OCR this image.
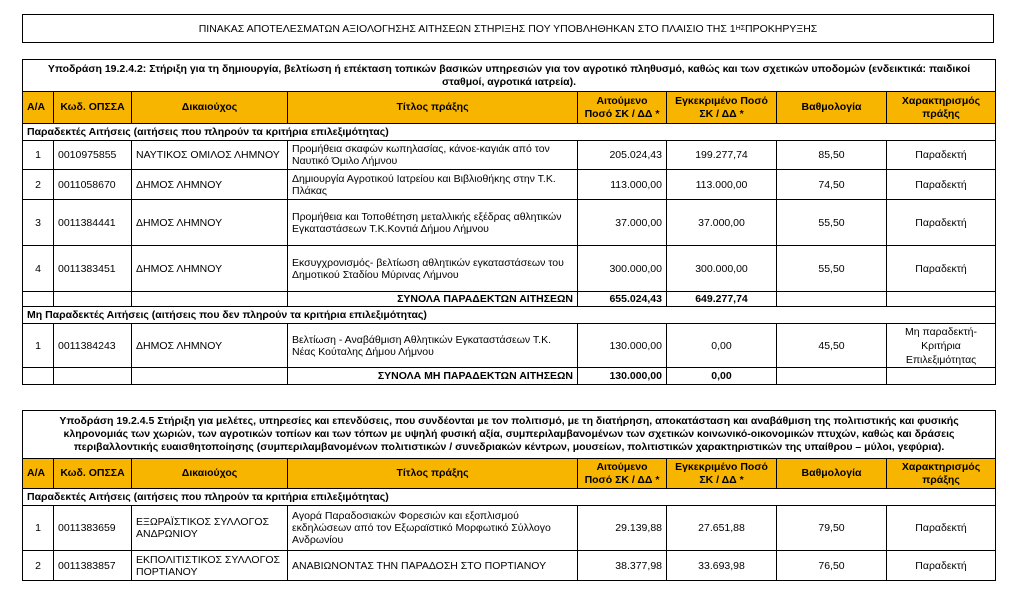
ΠΙΝΑΚΑΣ ΑΠΟΤΕΛΕΣΜΑΤΩΝ ΑΞΙΟΛΟΓΗΣΗΣ ΑΙΤΗΣΕΩΝ ΣΤΗΡΙΞΗΣ ΠΟΥ ΥΠΟΒΛΗΘΗΚΑΝ ΣΤΟ ΠΛΑΙΣΙΟ ΤΗΣ 1 ΗΣ ΠΡΟΚΗΡΥΞΗΣ
Υποδράση 19.2.4.2: Στήριξη για τη δημιουργία, βελτίωση ή επέκταση τοπικών βασικών υπηρεσιών για τον αγροτικό πληθυσμό, καθώς και των σχετικών υποδομών (ενδεικτικά: παιδικοί σταθμοί, αγροτικά ιατρεία).							
Α/Α	Κωδ. ΟΠΣΣΑ	Δικαιούχος	Τίτλος πράξης	Αιτούμενο Ποσό ΣΚ / ΔΔ *	Εγκεκριμένο Ποσό ΣΚ / ΔΔ *	Βαθμολογία	Χαρακτηρισμός πράξης
Παραδεκτές Αιτήσεις (αιτήσεις που πληρούν τα κριτήρια επιλεξιμότητας)							
1	0010975855	ΝΑΥΤΙΚΟΣ ΟΜΙΛΟΣ ΛΗΜΝΟΥ	Προμήθεια σκαφών κωπηλασίας, κάνοε-καγιάκ από τον Ναυτικό Όμιλο Λήμνου	205.024,43	199.277,74	85,50	Παραδεκτή
2	0011058670	ΔΗΜΟΣ ΛΗΜΝΟΥ	Δημιουργία Αγροτικού Ιατρείου και Βιβλιοθήκης στην Τ.Κ. Πλάκας	113.000,00	113.000,00	74,50	Παραδεκτή
3	0011384441	ΔΗΜΟΣ ΛΗΜΝΟΥ	Προμήθεια και Τοποθέτηση μεταλλικής εξέδρας αθλητικών Εγκαταστάσεων Τ.Κ.Κοντιά Δήμου Λήμνου	37.000,00	37.000,00	55,50	Παραδεκτή
4	0011383451	ΔΗΜΟΣ ΛΗΜΝΟΥ	Εκσυγχρονισμός- βελτίωση αθλητικών εγκαταστάσεων του Δημοτικού Σταδίου Μύρινας Λήμνου	300.000,00	300.000,00	55,50	Παραδεκτή
			ΣΥΝΟΛΑ ΠΑΡΑΔΕΚΤΩΝ ΑΙΤΗΣΕΩΝ	655.024,43	649.277,74		
Μη Παραδεκτές Αιτήσεις (αιτήσεις που δεν πληρούν τα κριτήρια επιλεξιμότητας)							
1	0011384243	ΔΗΜΟΣ ΛΗΜΝΟΥ	Βελτίωση - Αναβάθμιση Αθλητικών Εγκαταστάσεων Τ.Κ. Νέας Κούταλης Δήμου Λήμνου	130.000,00	0,00	45,50	Μη παραδεκτή- Κριτήρια Επιλεξιμότητας
			ΣΥΝΟΛΑ ΜΗ ΠΑΡΑΔΕΚΤΩΝ ΑΙΤΗΣΕΩΝ	130.000,00	0,00		
Υποδράση 19.2.4.5 Στήριξη για μελέτες, υπηρεσίες και επενδύσεις, που συνδέονται με τον πολιτισμό, με τη διατήρηση, αποκατάσταση και αναβάθμιση της πολιτιστικής και φυσικής κληρονομιάς των χωριών, των αγροτικών τοπίων και των τόπων με υψηλή φυσική αξία, συμπεριλαμβανομένων των σχετικών κοινωνικό-οικονομικών πτυχών, καθώς και δράσεις περιβαλλοντικής ευαισθητοποίησης (συμπεριλαμβανομένων πολιτιστικών / συνεδριακών κέντρων, μουσείων, πολιτιστικών χαρακτηριστικών της υπαίθρου – μύλοι, γεφύρια).							
Α/Α	Κωδ. ΟΠΣΣΑ	Δικαιούχος	Τίτλος πράξης	Αιτούμενο Ποσό ΣΚ / ΔΔ *	Εγκεκριμένο Ποσό ΣΚ / ΔΔ *	Βαθμολογία	Χαρακτηρισμός πράξης
Παραδεκτές Αιτήσεις (αιτήσεις που πληρούν τα κριτήρια επιλεξιμότητας)							
1	0011383659	ΕΞΩΡΑΪΣΤΙΚΟΣ ΣΥΛΛΟΓΟΣ ΑΝΔΡΩΝΙΟΥ	Αγορά Παραδοσιακών Φορεσιών και εξοπλισμού εκδηλώσεων από τον Εξωραϊστικό Μορφωτικό Σύλλογο Ανδρωνίου	29.139,88	27.651,88	79,50	Παραδεκτή
2	0011383857	ΕΚΠΟΛΙΤΙΣΤΙΚΟΣ ΣΥΛΛΟΓΟΣ ΠΟΡΤΙΑΝΟΥ	ΑΝΑΒΙΩΝΟΝΤΑΣ ΤΗΝ ΠΑΡΑΔΟΣΗ ΣΤΟ ΠΟΡΤΙΑΝΟΥ	38.377,98	33.693,98	76,50	Παραδεκτή
